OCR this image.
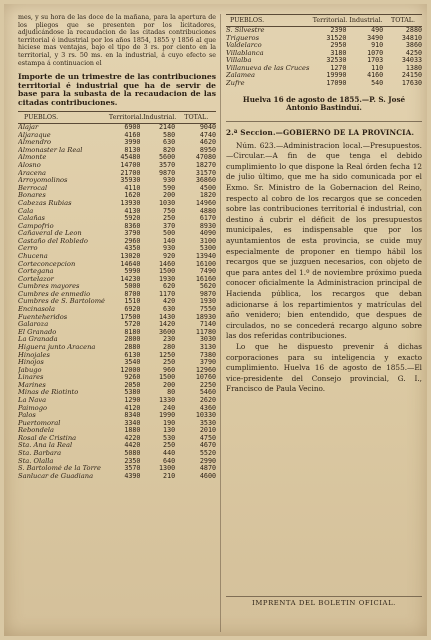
mes, y su hora de las doce de la mañana, para la apertura de los pliegos que se presenten por los licitadores, adjudicándose la recaudacion de las citadas contribuciones territorial é industrial por los años 1854, 1855 y 1856 al que hiciese mas ventajas, bajo el tipo de 3 rs. por ciento en la territorial, y 3 rs. 50 ms. en la industrial, á cuyo efecto se estampa á continuacion el

Importe de un trimestre de las contribuciones territorial é industrial que ha de servir de base para la subasta de la recaudacion de las citadas contribuciones.

PUEBLOS.	Territorial. Industrial.	TOTAL.
Alajar	6900	2140	9040
Aljaraque	4160	580	4740
Almendro	3990	630	4620
Almonaster la Real	8130	820	8950
Almonte	45480	5600	47080
Alosno	14700	3570	18270
Aracena	21700	9870	31570
Arroyomolinos	35930	930	36860
Berrocal	4110	590	4500
Bonares	1620	200	1820
Cabezas Rubias	13930	1030	14960
Cala	4130	750	4880
Calañas	5920	250	6170
Campofrio	8360	370	8930
Cañaveral de Leon	3790	500	4090
Castaño del Robledo	2960	140	3100
Cerro	4350	930	5300
Chucena	13020	920	13940
Corteconcepcion	14640	1460	16100
Cortegana	5990	1500	7490
Cortelazor	14230	1930	16160
Cumbres mayores	5000	620	5620
Cumbres de enmedio	8700	1170	9870
Cumbres de S. Bartolomé	1510	420	1930
Encinasola	6920	630	7550
Fuenteheridos	17500	1430	18930
Galaroza	5720	1420	7140
El Granado	8180	3600	11780
La Granada	2800	230	3030
Higuera junto Aracena	2880	280	3130
Hinojales	6130	1250	7380
Hinojos	3540	250	3790
Jabugo	12000	960	12960
Linares	9260	1500	10760
Marines	2050	200	2250
Minas de Riotinto	5380	80	5460
La Nava	1290	1330	2620
Paimogo	4120	240	4360
Palos	8340	1990	10330
Puertomoral	3340	190	3530
Rebondela	1880	130	2010
Rosal de Cristina	4220	530	4750
Sta. Ana la Real	4420	250	4670
Sta. Barbara	5080	440	5520
Sta. Olalla	2350	640	2990
S. Bartolomé de la Torre	3570	1300	4870
Sanlucar de Guadiana	4390	210	4600
PUEBLOS.	Territorial. Industrial.	TOTAL.
S. Silvestre	2390	490	2880
Trigueros	31520	3490	34810
Valdelarco	2950	910	3860
Villablanca	3180	1070	4250
Villalba	32530	1703	34033
Villanueva de las Cruces	1270	110	1380
Zalamea	19990	4160	24150
Zufre	17090	540	17630
Huelva 16 de agosto de 1855.—P. S. José Antonio Bastinduí.
2.ª Seccion.—GOBIERNO DE LA PROVINCIA.

Núm. 623.—Administracion local.—Presupuestos.—Circular.—A fin de que tenga el debido cumplimiento lo que dispone la Real órden fecha 12 de julio último, que me ha sido comunicada por el Exmo. Sr. Ministro de la Gobernacion del Reino, respecto al cobro de los recargos que se conceden sobre las contribuciones territorial é industrial, con destino á cubrir el déficit de los presupuestos municipales, es indispensable que por los ayuntamientos de esta provincia, se cuide muy especialmente de proponer en tiempo hábil los recargos que se juzguen necesarios, con objeto de que para antes del 1.º de noviembre próximo pueda conocer oficialmente la Administracion principal de Hacienda pública, los recargos que deban adicionarse á los repartimientos y matrículas del año venidero; bien entendido, que despues de circulados, no se concederá recargo alguno sobre las dos referidas contribuciones.

Lo que he dispuesto prevenir á dichas corporaciones para su inteligencia y exacto cumplimiento. Huelva 16 de agosto de 1855.—El vice-presidente del Consejo provincial, G. I., Francisco de Paula Vecino.

IMPRENTA DEL BOLETIN OFICIAL.
